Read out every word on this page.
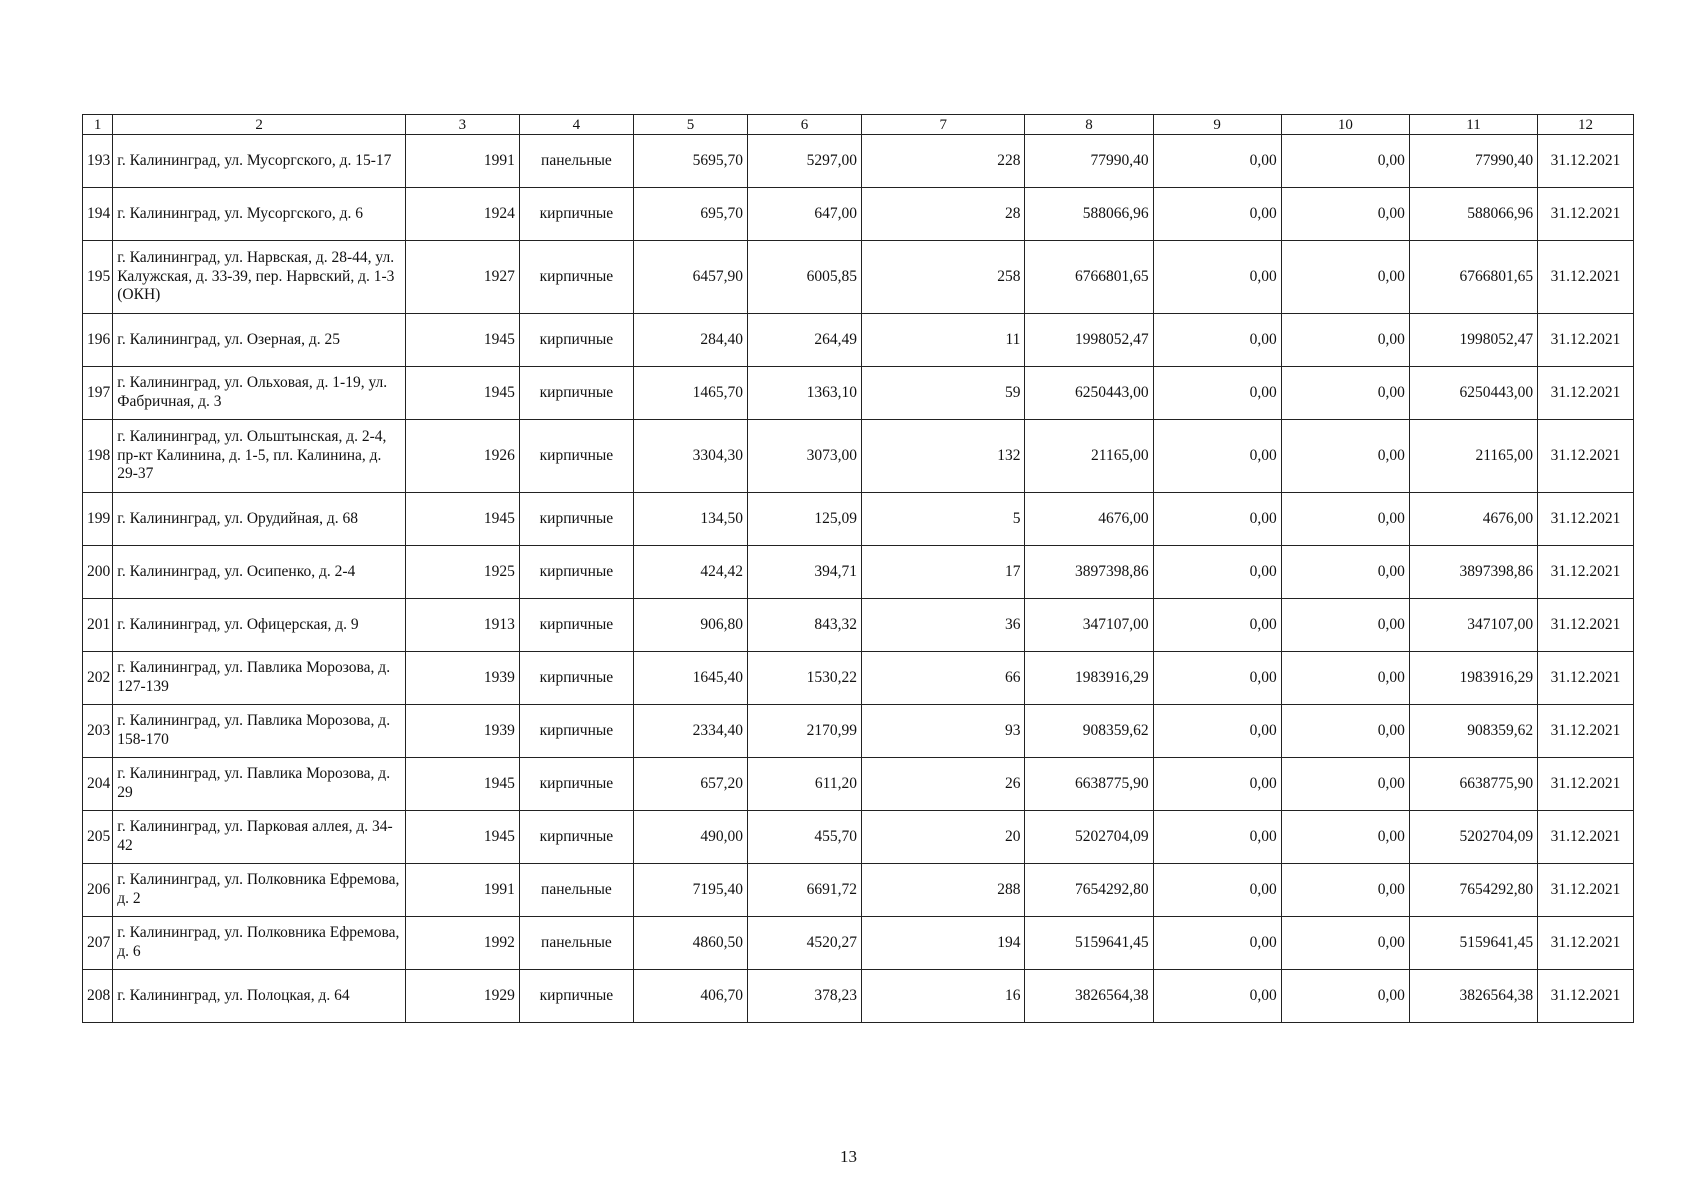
1	2	3	4	5	6	7	8	9	10	11	12
193	г. Калининград, ул. Мусоргского, д. 15-17	1991	панельные	5695,70	5297,00	228	77990,40	0,00	0,00	77990,40	31.12.2021
194	г. Калининград, ул. Мусоргского, д. 6	1924	кирпичные	695,70	647,00	28	588066,96	0,00	0,00	588066,96	31.12.2021
195	г. Калининград, ул. Нарвская, д. 28-44, ул. Калужская, д. 33-39, пер. Нарвский, д. 1-3 (ОКН)	1927	кирпичные	6457,90	6005,85	258	6766801,65	0,00	0,00	6766801,65	31.12.2021
196	г. Калининград, ул. Озерная, д. 25	1945	кирпичные	284,40	264,49	11	1998052,47	0,00	0,00	1998052,47	31.12.2021
197	г. Калининград, ул. Ольховая, д. 1-19, ул. Фабричная, д. 3	1945	кирпичные	1465,70	1363,10	59	6250443,00	0,00	0,00	6250443,00	31.12.2021
198	г. Калининград, ул. Ольштынская, д. 2-4, пр-кт Калинина, д. 1-5, пл. Калинина, д. 29-37	1926	кирпичные	3304,30	3073,00	132	21165,00	0,00	0,00	21165,00	31.12.2021
199	г. Калининград, ул. Орудийная, д. 68	1945	кирпичные	134,50	125,09	5	4676,00	0,00	0,00	4676,00	31.12.2021
200	г. Калининград, ул. Осипенко, д. 2-4	1925	кирпичные	424,42	394,71	17	3897398,86	0,00	0,00	3897398,86	31.12.2021
201	г. Калининград, ул. Офицерская, д. 9	1913	кирпичные	906,80	843,32	36	347107,00	0,00	0,00	347107,00	31.12.2021
202	г. Калининград, ул. Павлика Морозова, д. 127-139	1939	кирпичные	1645,40	1530,22	66	1983916,29	0,00	0,00	1983916,29	31.12.2021
203	г. Калининград, ул. Павлика Морозова, д. 158-170	1939	кирпичные	2334,40	2170,99	93	908359,62	0,00	0,00	908359,62	31.12.2021
204	г. Калининград, ул. Павлика Морозова, д. 29	1945	кирпичные	657,20	611,20	26	6638775,90	0,00	0,00	6638775,90	31.12.2021
205	г. Калининград, ул. Парковая аллея, д. 34-42	1945	кирпичные	490,00	455,70	20	5202704,09	0,00	0,00	5202704,09	31.12.2021
206	г. Калининград, ул. Полковника Ефремова, д. 2	1991	панельные	7195,40	6691,72	288	7654292,80	0,00	0,00	7654292,80	31.12.2021
207	г. Калининград, ул. Полковника Ефремова, д. 6	1992	панельные	4860,50	4520,27	194	5159641,45	0,00	0,00	5159641,45	31.12.2021
208	г. Калининград, ул. Полоцкая, д. 64	1929	кирпичные	406,70	378,23	16	3826564,38	0,00	0,00	3826564,38	31.12.2021
13
